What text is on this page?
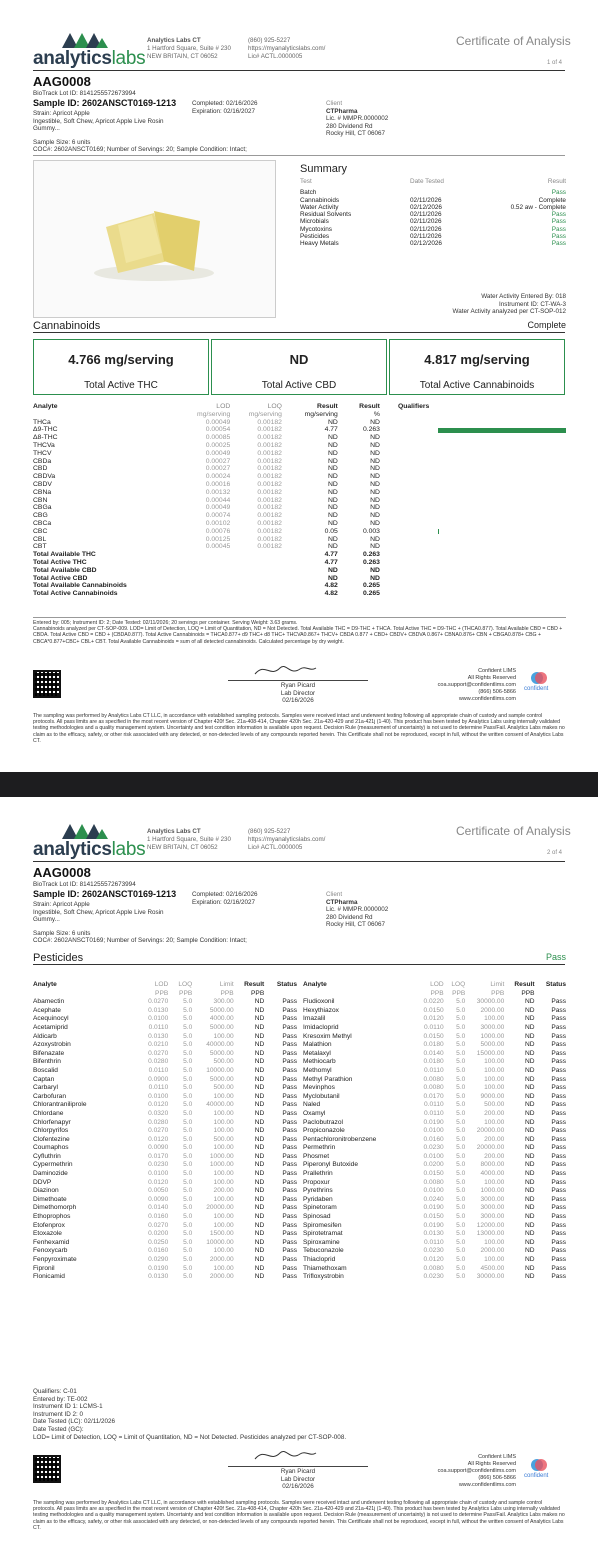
analyticslabs
Analytics Labs CT
1 Hartford Square, Suite # 230
NEW BRITAIN, CT 06052
(860) 925-5227
https://myanalyticslabs.com/
Lic# ACTL.0000005
Certificate of Analysis
1 of 4
AAG0008
BioTrack Lot ID: 8141255572673994
Sample ID: 2602ANSCT0169-1213
Strain: Apricot Apple
Ingestible, Soft Chew, Apricot Apple Live Rosin
Gummy...
Completed: 02/16/2026
Expiration: 02/16/2027
Client
CTPharma
Lic. # MMPR.0000002
280 Dividend Rd
Rocky Hill, CT 06067
Sample Size: 6 units
COC#: 2602ANSCT0169; Number of Servings: 20; Sample Condition: Intact;
Summary
Test	Date Tested	Result

Batch		Pass
Cannabinoids	02/11/2026	Complete
Water Activity	02/12/2026	0.52 aw - Complete
Residual Solvents	02/11/2026	Pass
Microbials	02/11/2026	Pass
Mycotoxins	02/11/2026	Pass
Pesticides	02/11/2026	Pass
Heavy Metals	02/12/2026	Pass
Water Activity Entered By: 018
Instrument ID: CT-WA-3
Water Activity analyzed per CT-SOP-012
Cannabinoids	Complete
4.766 mg/serving
Total Active THC
ND
Total Active CBD
4.817 mg/serving
Total Active Cannabinoids
Analyte	LOD	LOQ	Result	Result	Qualifiers
	mg/serving	mg/serving	mg/serving	%	
THCa	0.00049	0.00182	ND	ND	
Δ9-THC	0.00054	0.00182	4.77	0.263	

Δ8-THC	0.00085	0.00182	ND	ND	
THCVa	0.00025	0.00182	ND	ND	
THCV	0.00049	0.00182	ND	ND	
CBDa	0.00027	0.00182	ND	ND	
CBD	0.00027	0.00182	ND	ND	
CBDVa	0.00024	0.00182	ND	ND	
CBDV	0.00016	0.00182	ND	ND	
CBNa	0.00132	0.00182	ND	ND	
CBN	0.00044	0.00182	ND	ND	
CBGa	0.00049	0.00182	ND	ND	
CBG	0.00074	0.00182	ND	ND	
CBCa	0.00102	0.00182	ND	ND	
CBC	0.00076	0.00182	0.05	0.003	

CBL	0.00125	0.00182	ND	ND	
CBT	0.00045	0.00182	ND	ND	
Total Available THC			4.77	0.263	
Total Active THC			4.77	0.263	
Total Available CBD			ND	ND	
Total Active CBD			ND	ND	
Total Available Cannabinoids			4.82	0.265	
Total Active Cannabinoids			4.82	0.265	
Entered by: 005; Instrument ID: 2; Date Tested: 02/11/2026; 20 servings per container. Serving Weight: 3.63 grams.
Cannabinoids analyzed per CT-SOP-009. LOD= Limit of Detection, LOQ = Limit of Quantitation, ND = Not Detected. Total Available THC = D9-THC + THCA. Total Active THC = D9-THC + (THCA0.877). Total Available CBD = CBD + CBDA. Total Active CBD = CBD + (CBDA0.877). Total Active Cannabinoids = THCA0.877+ d9 THC+ d8 THC+ THCVA0.867+ THCV+ CBDA 0.877 + CBD+ CBDV+ CBDVA 0.867+ CBNA0.876+ CBN + CBGA0.878+ CBG + CBCA*0.877+CBC+ CBL+ CBT. Total Available Cannabinoids = sum of all detected cannabinoids. Calculated percentage by dry weight.
Ryan Picard
Lab Director
02/16/2026
Confident LIMS
All Rights Reserved
coa.support@confidentlims.com
(866) 506-5866
www.confidentlims.com
confident
The sampling was performed by Analytics Labs CT LLC, in accordance with established sampling protocols. Samples were received intact and underwent testing following all appropriate chain of custody and sample control protocols. All pass limits are as specified in the most recent version of Chapter 420f Sec. 21a-408-414, Chapter 420h Sec. 21a-420-429 and 21a-421j (1-40). This product has been tested by Analytics Labs using internally validated testing methodologies and a quality management system. Uncertainty and test condition information is available upon request. Decision Rule (measurement of uncertainty) is not used to determine Pass/Fail. Analytics Labs makes no claim as to the efficacy, safety, or other risk associated with any detected, or non-detected levels of any compounds reported herein. This Certificate shall not be reproduced, except in full, without the written consent of Analytics Labs CT.
analyticslabs
Analytics Labs CT
1 Hartford Square, Suite # 230
NEW BRITAIN, CT 06052
(860) 925-5227
https://myanalyticslabs.com/
Lic# ACTL.0000005
Certificate of Analysis
2 of 4
AAG0008
BioTrack Lot ID: 8141255572673994
Sample ID: 2602ANSCT0169-1213
Strain: Apricot Apple
Ingestible, Soft Chew, Apricot Apple Live Rosin
Gummy...
Completed: 02/16/2026
Expiration: 02/16/2027
Client
CTPharma
Lic. # MMPR.0000002
280 Dividend Rd
Rocky Hill, CT 06067
Sample Size: 6 units
COC#: 2602ANSCT0169; Number of Servings: 20; Sample Condition: Intact;
Pesticides	Pass
Analyte	LOD	LOQ	Limit	Result	Status
	PPB	PPB	PPB	PPB	
Abamectin	0.0270	5.0	300.00	ND	Pass
Acephate	0.0130	5.0	5000.00	ND	Pass
Acequinocyl	0.0100	5.0	4000.00	ND	Pass
Acetamiprid	0.0110	5.0	5000.00	ND	Pass
Aldicarb	0.0130	5.0	100.00	ND	Pass
Azoxystrobin	0.0210	5.0	40000.00	ND	Pass
Bifenazate	0.0270	5.0	5000.00	ND	Pass
Bifenthrin	0.0280	5.0	500.00	ND	Pass
Boscalid	0.0110	5.0	10000.00	ND	Pass
Captan	0.0900	5.0	5000.00	ND	Pass
Carbaryl	0.0110	5.0	500.00	ND	Pass
Carbofuran	0.0100	5.0	100.00	ND	Pass
Chlorantraniliprole	0.0120	5.0	40000.00	ND	Pass
Chlordane	0.0320	5.0	100.00	ND	Pass
Chlorfenapyr	0.0280	5.0	100.00	ND	Pass
Chlorpyrifos	0.0270	5.0	100.00	ND	Pass
Clofentezine	0.0120	5.0	500.00	ND	Pass
Coumaphos	0.0090	5.0	100.00	ND	Pass
Cyfluthrin	0.0170	5.0	1000.00	ND	Pass
Cypermethrin	0.0230	5.0	1000.00	ND	Pass
Daminozide	0.0100	5.0	100.00	ND	Pass
DDVP	0.0120	5.0	100.00	ND	Pass
Diazinon	0.0050	5.0	200.00	ND	Pass
Dimethoate	0.0090	5.0	100.00	ND	Pass
Dimethomorph	0.0140	5.0	20000.00	ND	Pass
Ethoprophos	0.0160	5.0	100.00	ND	Pass
Etofenprox	0.0270	5.0	100.00	ND	Pass
Etoxazole	0.0200	5.0	1500.00	ND	Pass
Fenhexamid	0.0250	5.0	10000.00	ND	Pass
Fenoxycarb	0.0160	5.0	100.00	ND	Pass
Fenpyroximate	0.0290	5.0	2000.00	ND	Pass
Fipronil	0.0190	5.0	100.00	ND	Pass
Flonicamid	0.0130	5.0	2000.00	ND	Pass
Analyte	LOD	LOQ	Limit	Result	Status
	PPB	PPB	PPB	PPB	
Fludioxonil	0.0220	5.0	30000.00	ND	Pass
Hexythiazox	0.0150	5.0	2000.00	ND	Pass
Imazalil	0.0120	5.0	100.00	ND	Pass
Imidacloprid	0.0110	5.0	3000.00	ND	Pass
Kresoxim Methyl	0.0150	5.0	1000.00	ND	Pass
Malathion	0.0180	5.0	5000.00	ND	Pass
Metalaxyl	0.0140	5.0	15000.00	ND	Pass
Methiocarb	0.0180	5.0	100.00	ND	Pass
Methomyl	0.0110	5.0	100.00	ND	Pass
Methyl Parathion	0.0080	5.0	100.00	ND	Pass
Mevinphos	0.0080	5.0	100.00	ND	Pass
Myclobutanil	0.0170	5.0	9000.00	ND	Pass
Naled	0.0110	5.0	500.00	ND	Pass
Oxamyl	0.0110	5.0	200.00	ND	Pass
Paclobutrazol	0.0190	5.0	100.00	ND	Pass
Propiconazole	0.0100	5.0	20000.00	ND	Pass
Pentachloronitrobenzene	0.0160	5.0	200.00	ND	Pass
Permethrin	0.0230	5.0	20000.00	ND	Pass
Phosmet	0.0100	5.0	200.00	ND	Pass
Piperonyl Butoxide	0.0200	5.0	8000.00	ND	Pass
Prallethrin	0.0150	5.0	4000.00	ND	Pass
Propoxur	0.0080	5.0	100.00	ND	Pass
Pyrethrins	0.0100	5.0	1000.00	ND	Pass
Pyridaben	0.0240	5.0	3000.00	ND	Pass
Spinetoram	0.0190	5.0	3000.00	ND	Pass
Spinosad	0.0150	5.0	3000.00	ND	Pass
Spiromesifen	0.0190	5.0	12000.00	ND	Pass
Spirotetramat	0.0130	5.0	13000.00	ND	Pass
Spiroxamine	0.0110	5.0	100.00	ND	Pass
Tebuconazole	0.0230	5.0	2000.00	ND	Pass
Thiacloprid	0.0120	5.0	100.00	ND	Pass
Thiamethoxam	0.0080	5.0	4500.00	ND	Pass
Trifloxystrobin	0.0230	5.0	30000.00	ND	Pass
Qualifiers: C-01
Entered by: TE-002
Instrument ID 1: LCMS-1
Instrument ID 2: 0
Date Tested (LC): 02/11/2026
Date Tested (GC):
LOD= Limit of Detection, LOQ = Limit of Quantitation, ND = Not Detected. Pesticides analyzed per CT-SOP-008.
Ryan Picard
Lab Director
02/16/2026
Confident LIMS
All Rights Reserved
coa.support@confidentlims.com
(866) 506-5866
www.confidentlims.com
confident
The sampling was performed by Analytics Labs CT LLC, in accordance with established sampling protocols. Samples were received intact and underwent testing following all appropriate chain of custody and sample control protocols. All pass limits are as specified in the most recent version of Chapter 420f Sec. 21a-408-414, Chapter 420h Sec. 21a-420-429 and 21a-421j (1-40). This product has been tested by Analytics Labs using internally validated testing methodologies and a quality management system. Uncertainty and test condition information is available upon request. Decision Rule (measurement of uncertainty) is not used to determine Pass/Fail. Analytics Labs makes no claim as to the efficacy, safety, or other risk associated with any detected, or non-detected levels of any compounds reported herein. This Certificate shall not be reproduced, except in full, without the written consent of Analytics Labs CT.
